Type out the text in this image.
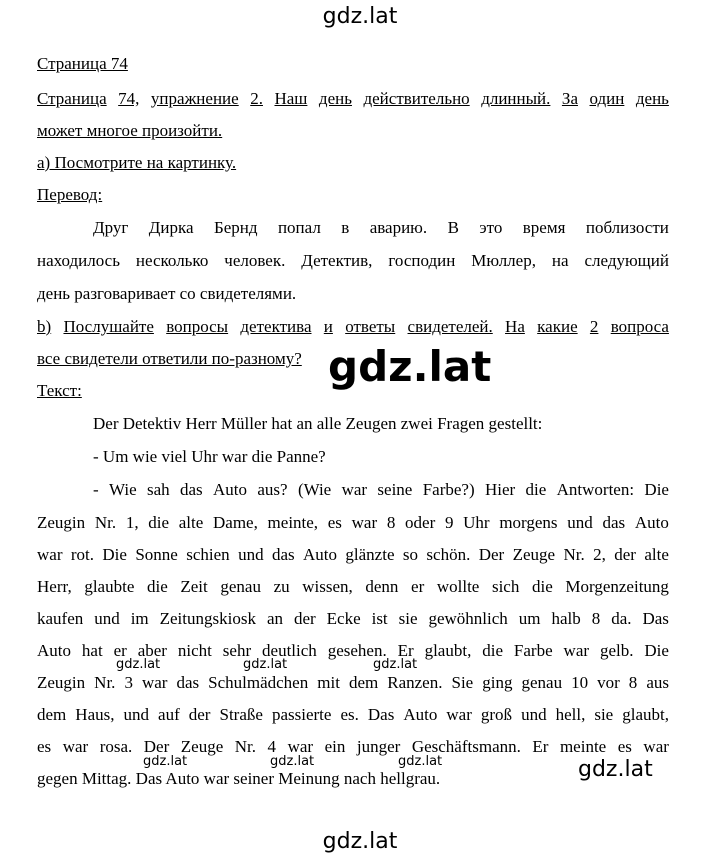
gdz.lat
Страница 74
Страница 74, упражнение 2. Наш день действительно длинный. За один день
может многое произойти.
a) Посмотрите на картинку.
Перевод:
Друг Дирка Бернд попал в аварию. В это время поблизости
находилось несколько человек. Детектив, господин Мюллер, на следующий
день разговаривает со свидетелями.
b) Послушайте вопросы детектива и ответы свидетелей. На какие 2 вопроса
все свидетели ответили по-разному? gdz.lat
Текст:
Der Detektiv Herr Müller hat an alle Zeugen zwei Fragen gestellt:
- Um wie viel Uhr war die Panne?
- Wie sah das Auto aus? (Wie war seine Farbe?) Hier die Antworten: Die
Zeugin Nr. 1, die alte Dame, meinte, es war 8 oder 9 Uhr morgens und das Auto
war rot. Die Sonne schien und das Auto glänzte so schön. Der Zeuge Nr. 2, der alte
Herr, glaubte die Zeit genau zu wissen, denn er wollte sich die Morgenzeitung
kaufen und im Zeitungskiosk an der Ecke ist sie gewöhnlich um halb 8 da. Das
Auto hat er aber nicht sehr deutlich gesehen. Er glaubt, die Farbe war gelb. Die
gdz.lat	gdz.lat	gdz.lat
Zeugin Nr. 3 war das Schulmädchen mit dem Ranzen. Sie ging genau 10 vor 8 aus
dem Haus, und auf der Straße passierte es. Das Auto war groß und hell, sie glaubt,
es war rosa. Der Zeuge Nr. 4 war ein junger Geschäftsmann. Er meinte es war
gdz.lat	gdz.lat	gdz.lat
gegen Mittag. Das Auto war seiner Meinung nach hellgrau.	gdz.lat
gdz.lat
